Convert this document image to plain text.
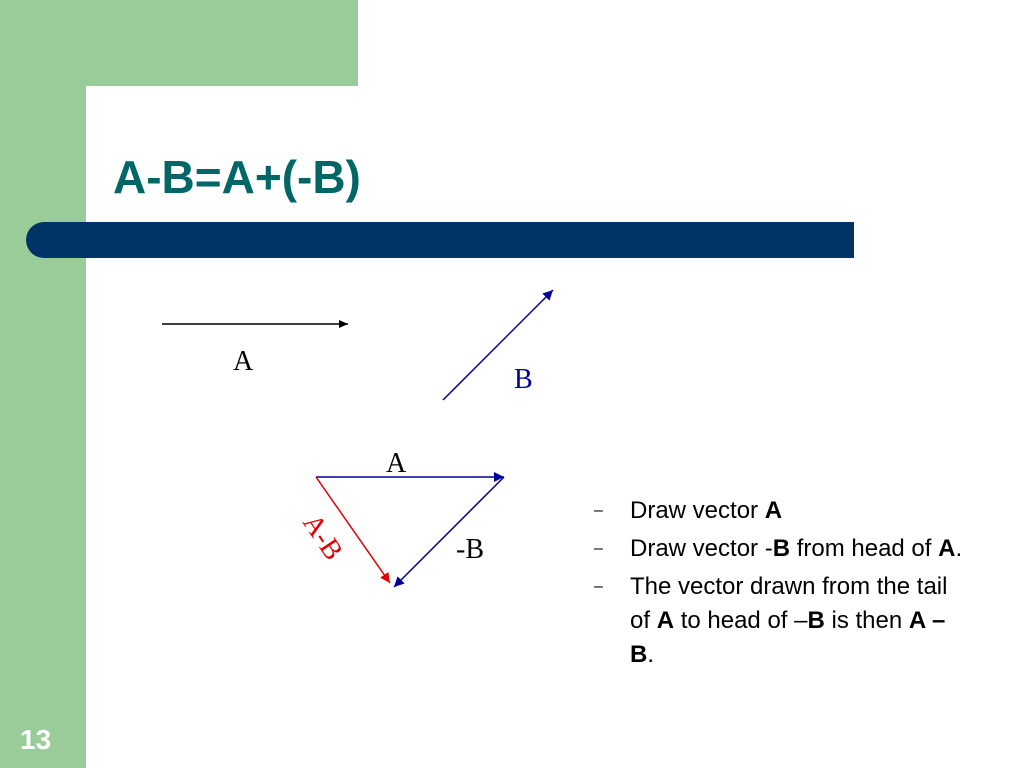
A-B=A+(-B)
A
B
A
-B
A-B	– Draw vector A
– Draw vector -B from head of A.
– The vector drawn from the tail of A to head of –B is then A – B.
13
